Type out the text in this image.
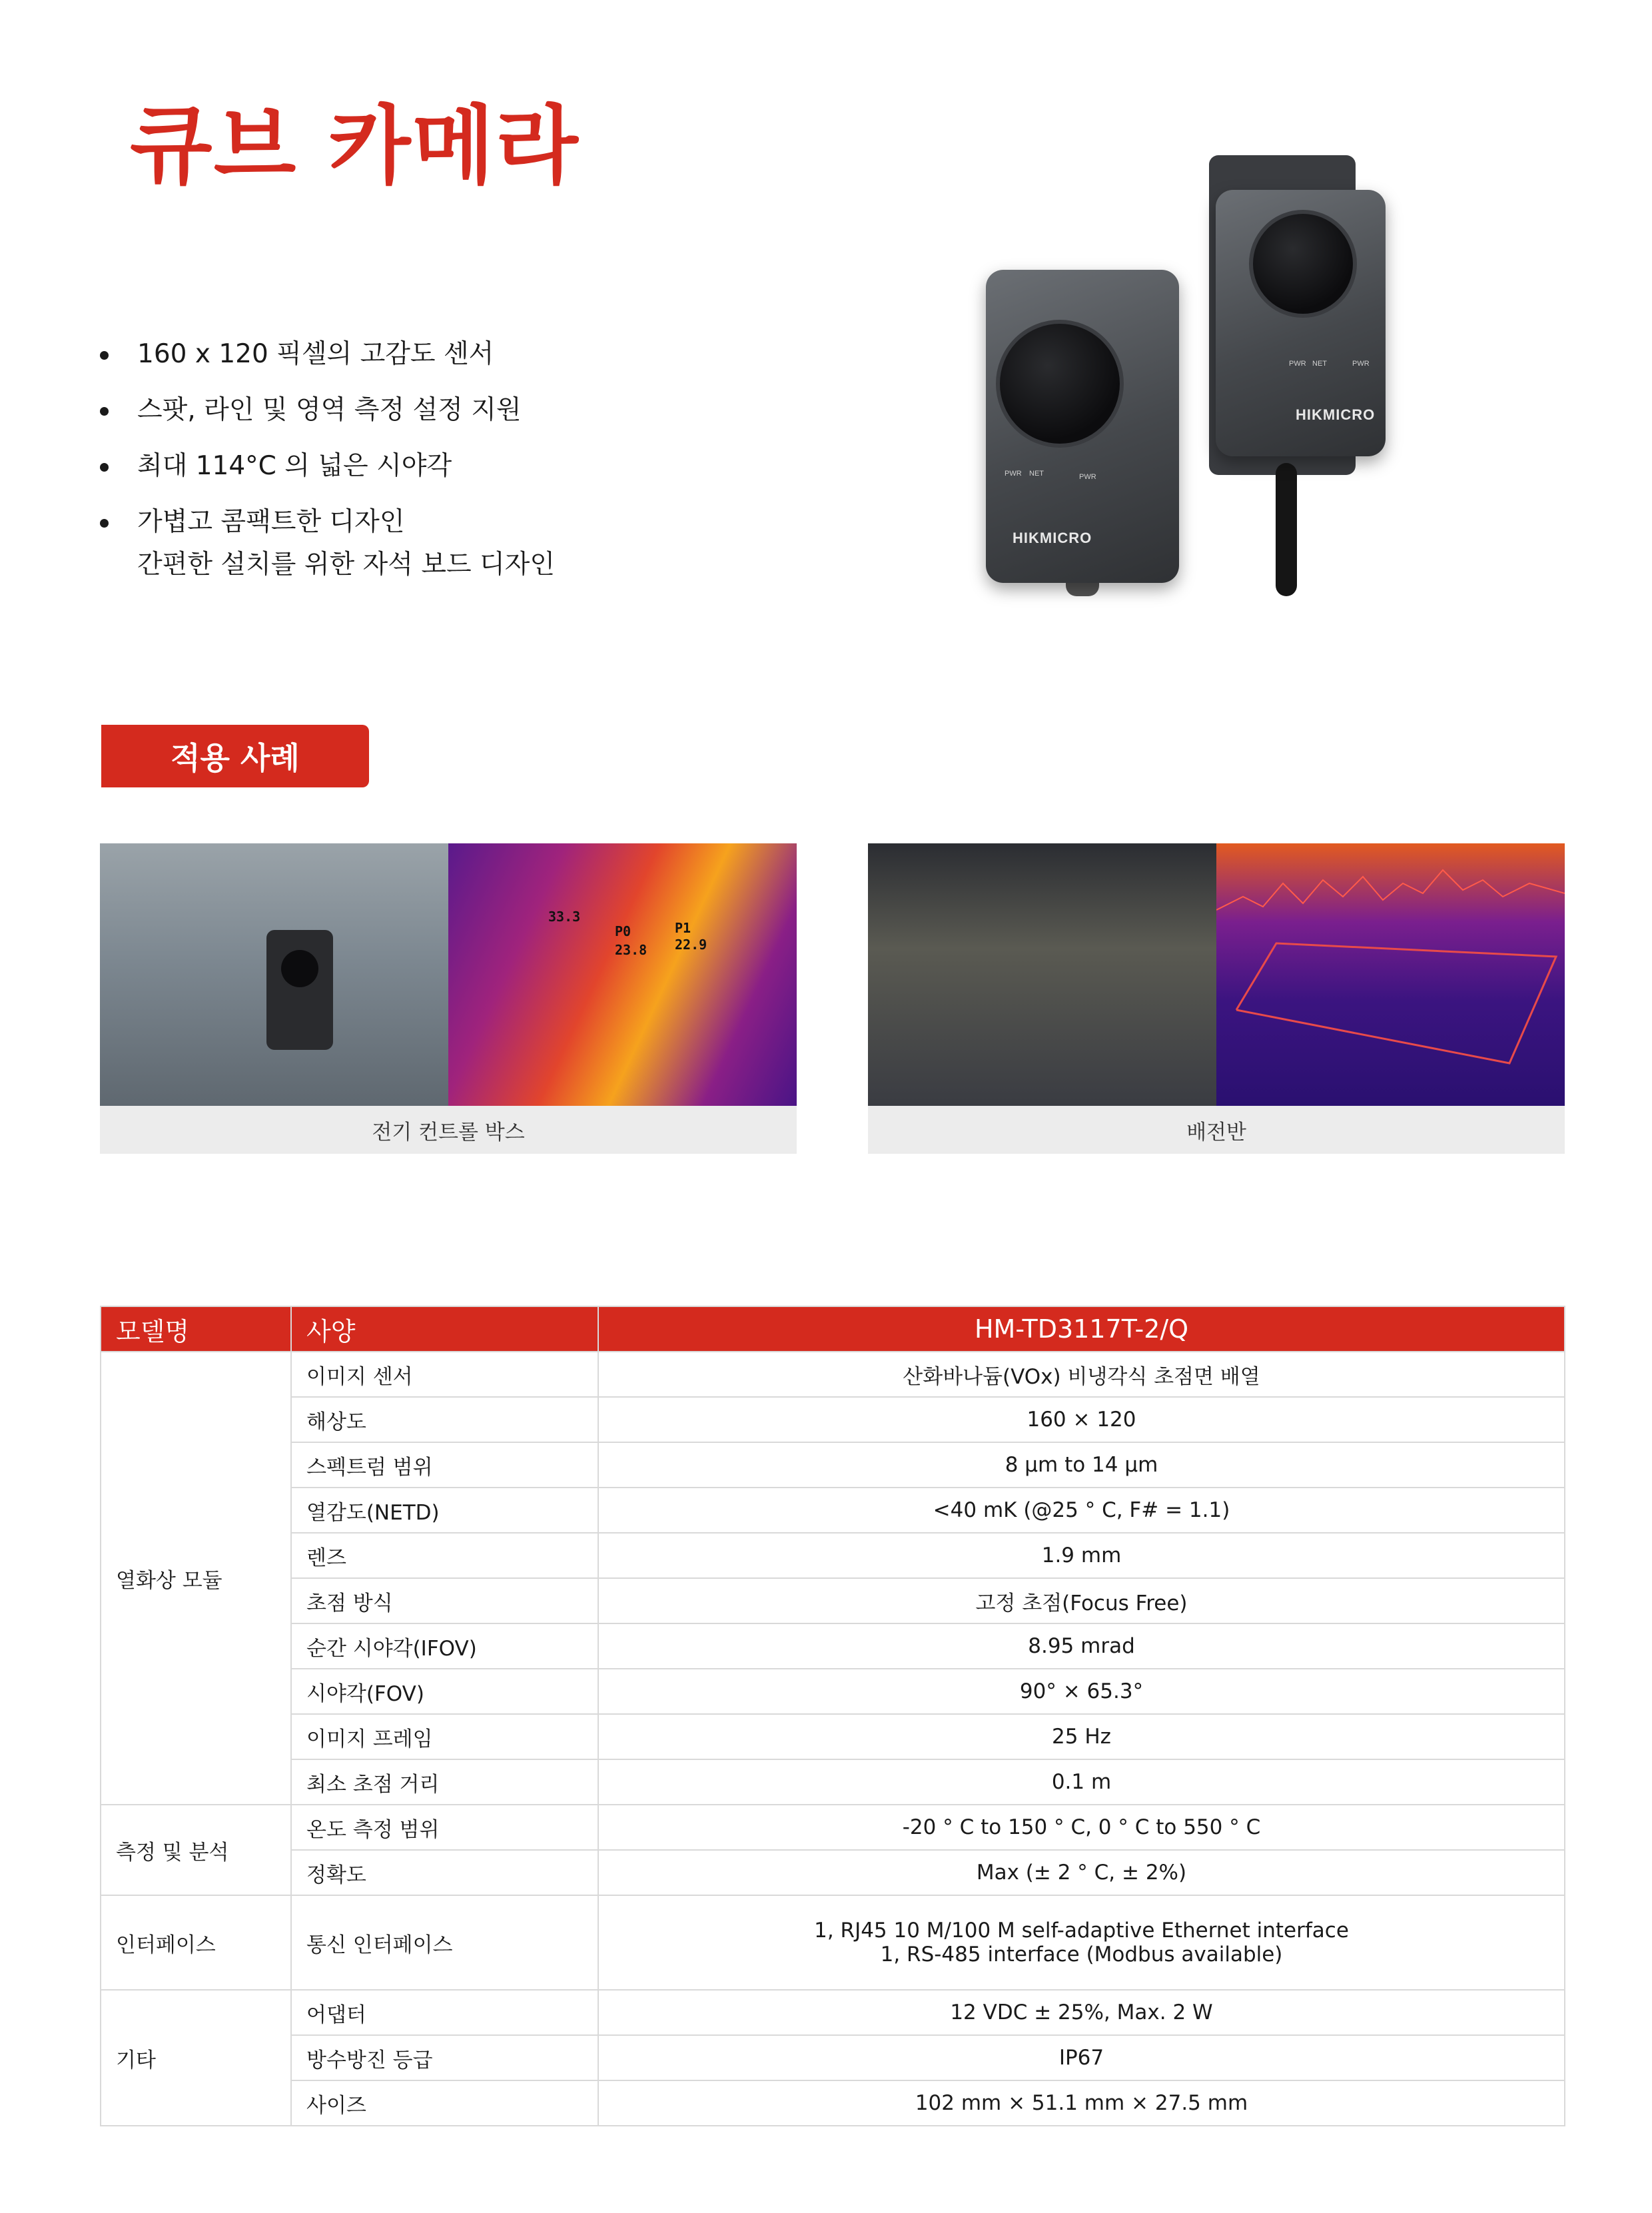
큐브 카메라
160 x 120 픽셀의 고감도 센서
스팟, 라인 및 영역 측정 설정 지원
최대 114°C 의 넓은 시야각
가볍고 콤팩트한 디자인
간편한 설치를 위한 자석 보드 디자인
PWR NET	PWR
HIKMICRO
PWR NET	PWR
HIKMICRO
적용 사례
33.3
P0
23.8
P1
22.9
전기 컨트롤 박스	배전반
모델명	사양	HM-TD3117T-2/Q
열화상 모듈	이미지 센서	산화바나듐(VOx) 비냉각식 초점면 배열
	해상도	160 × 120
	스펙트럼 범위	8 μm to 14 μm
	열감도(NETD)	<40 mK (@25 ° C, F# = 1.1)
	렌즈	1.9 mm
	초점 방식	고정 초점(Focus Free)
	순간 시야각(IFOV)	8.95 mrad
	시야각(FOV)	90° × 65.3°
	이미지 프레임	25 Hz
	최소 초점 거리	0.1 m
측정 및 분석	온도 측정 범위	-20 ° C to 150 ° C, 0 ° C to 550 ° C
	정확도	Max (± 2 ° C, ± 2%)
인터페이스	통신 인터페이스	1, RJ45 10 M/100 M self-adaptive Ethernet interface
1, RS-485 interface (Modbus available)

기타	어댑터	12 VDC ± 25%, Max. 2 W
	방수방진 등급	IP67
	사이즈	102 mm × 51.1 mm × 27.5 mm
